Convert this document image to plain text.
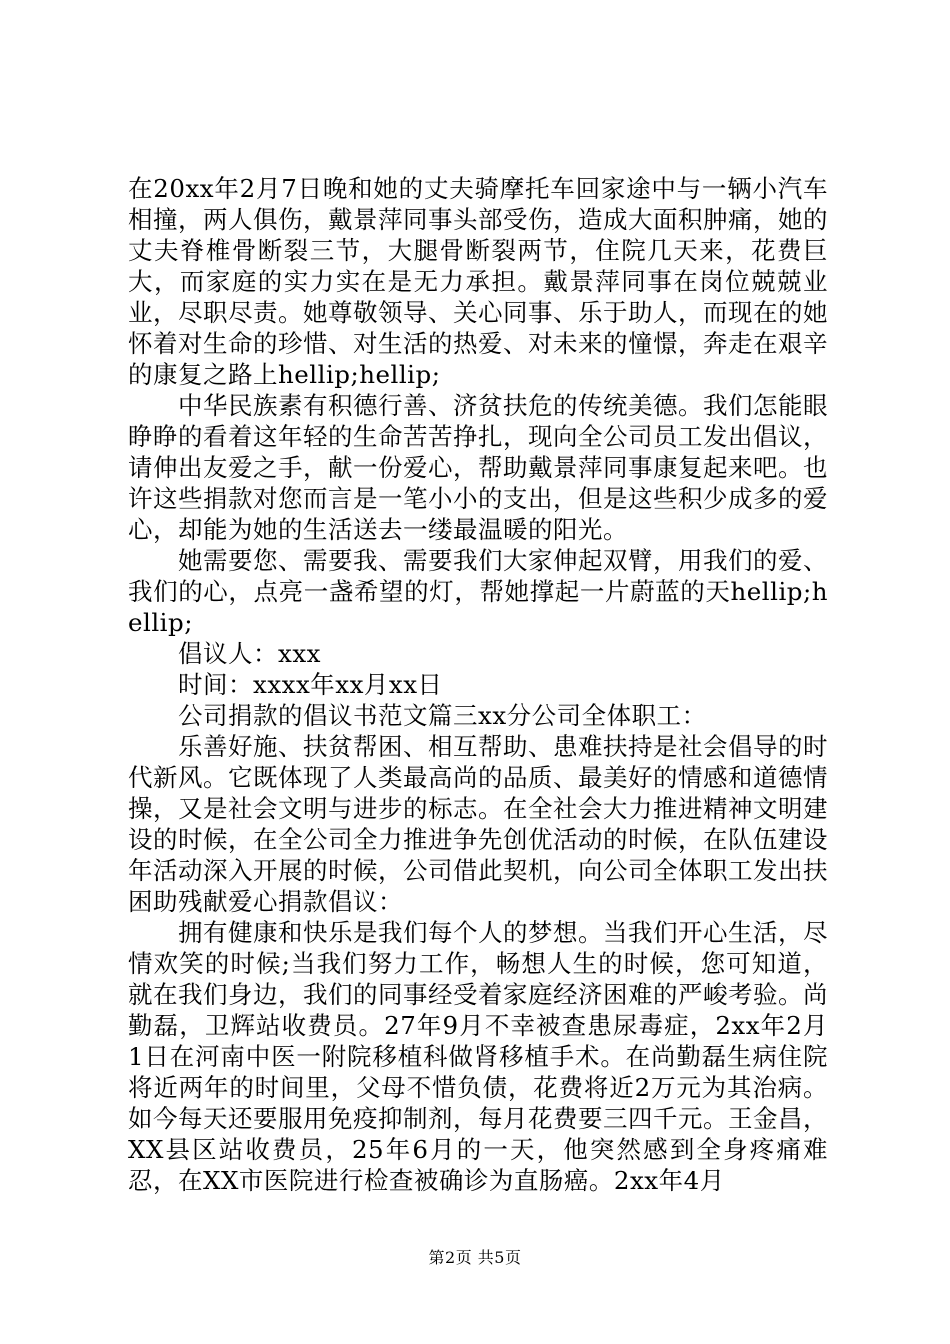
在20xx年2月7日晚和她的丈夫骑摩托车回家途中与一辆小汽车相撞，两人俱伤，戴景萍同事头部受伤，造成大面积肿痛，她的丈夫脊椎骨断裂三节，大腿骨断裂两节，住院几天来，花费巨大，而家庭的实力实在是无力承担。戴景萍同事在岗位兢兢业业，尽职尽责。她尊敬领导、关心同事、乐于助人，而现在的她怀着对生命的珍惜、对生活的热爱、对未来的憧憬，奔走在艰辛的康复之路上hellip;hellip;

中华民族素有积德行善、济贫扶危的传统美德。我们怎能眼睁睁的看着这年轻的生命苦苦挣扎，现向全公司员工发出倡议，请伸出友爱之手，献一份爱心，帮助戴景萍同事康复起来吧。也许这些捐款对您而言是一笔小小的支出，但是这些积少成多的爱心，却能为她的生活送去一缕最温暖的阳光。

她需要您、需要我、需要我们大家伸起双臂，用我们的爱、我们的心，点亮一盏希望的灯，帮她撑起一片蔚蓝的天hellip;hellip;

倡议人：xxx

时间：xxxx年xx月xx日

公司捐款的倡议书范文篇三xx分公司全体职工：

乐善好施、扶贫帮困、相互帮助、患难扶持是社会倡导的时代新风。它既体现了人类最高尚的品质、最美好的情感和道德情操，又是社会文明与进步的标志。在全社会大力推进精神文明建设的时候，在全公司全力推进争先创优活动的时候，在队伍建设年活动深入开展的时候，公司借此契机，向公司全体职工发出扶困助残献爱心捐款倡议：

拥有健康和快乐是我们每个人的梦想。当我们开心生活，尽情欢笑的时候;当我们努力工作，畅想人生的时候，您可知道，就在我们身边，我们的同事经受着家庭经济困难的严峻考验。尚勤磊，卫辉站收费员。27年9月不幸被查患尿毒症，2xx年2月1日在河南中医一附院移植科做肾移植手术。在尚勤磊生病住院将近两年的时间里，父母不惜负债，花费将近2万元为其治病。如今每天还要服用免疫抑制剂，每月花费要三四千元。王金昌，XX县区站收费员，25年6月的一天，他突然感到全身疼痛难忍，在XX市医院进行检查被确诊为直肠癌。2xx年4月

第2页 共5页
